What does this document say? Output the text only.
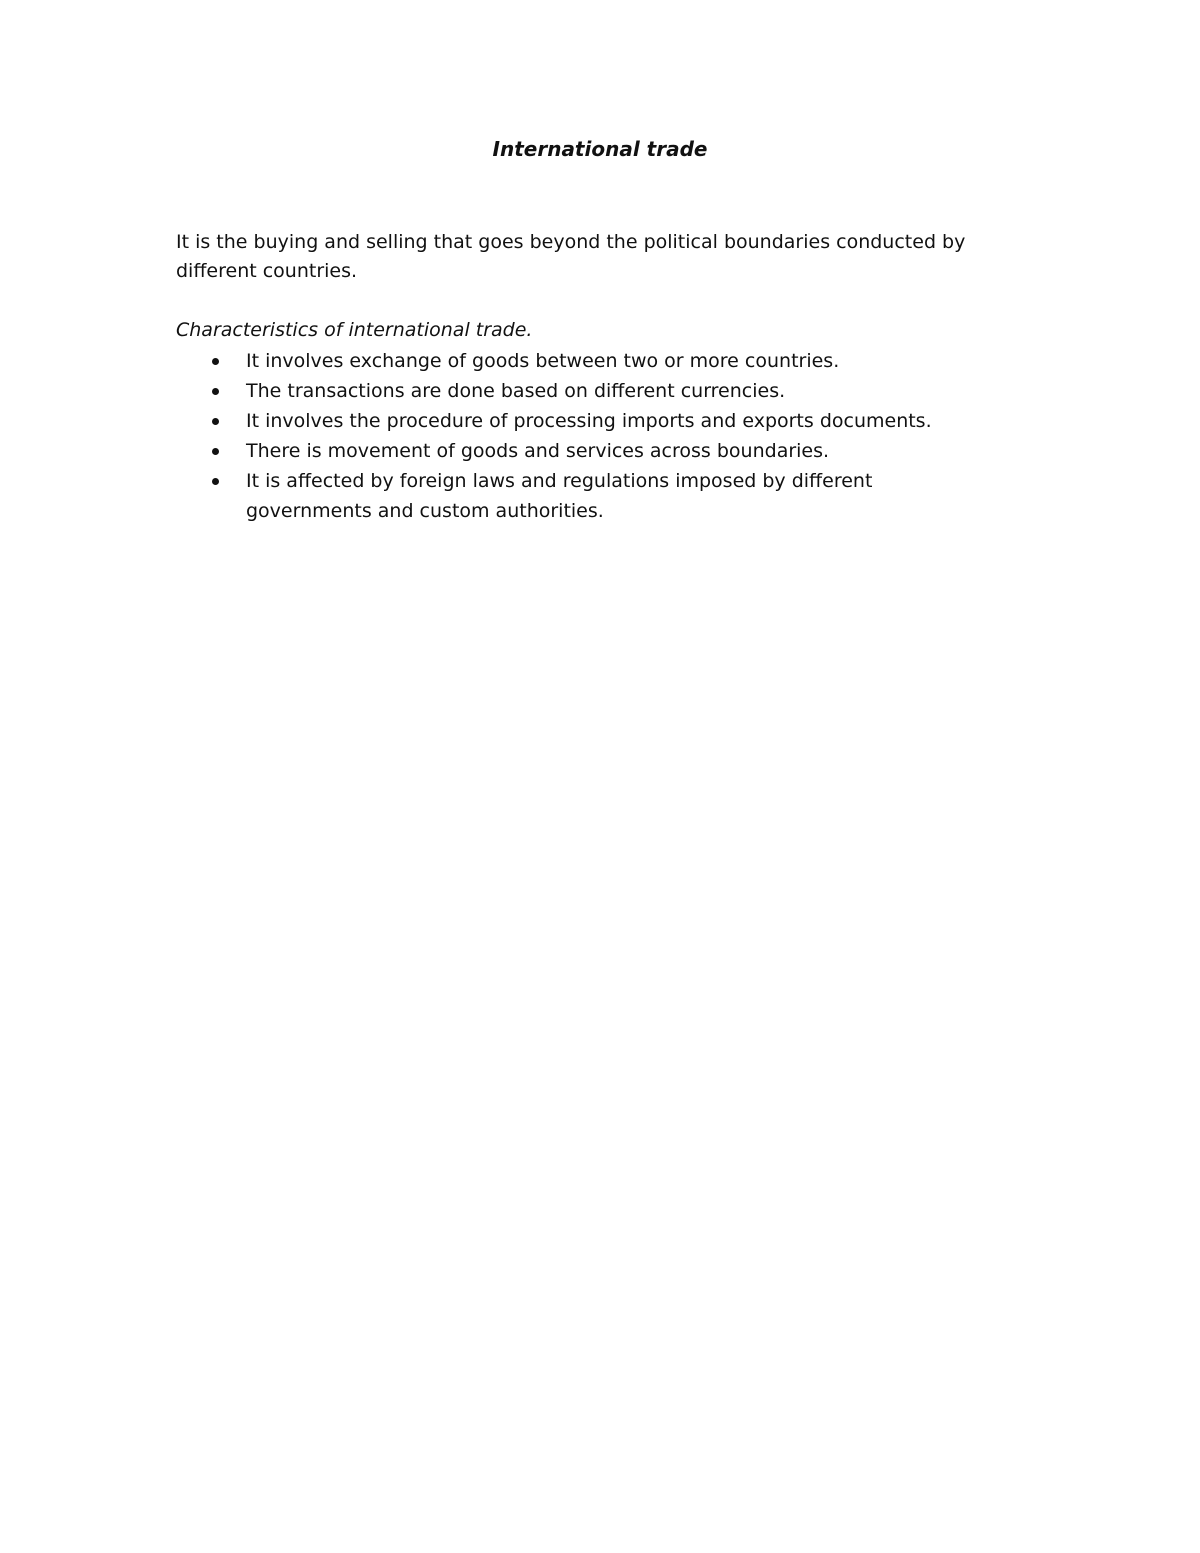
International trade

It is the buying and selling that goes beyond the political boundaries conducted by different countries.

Characteristics of international trade.

It involves exchange of goods between two or more countries.
The transactions are done based on different currencies.
It involves the procedure of processing imports and exports documents.
There is movement of goods and services across boundaries.
It is affected by foreign laws and regulations imposed by different governments and custom authorities.
